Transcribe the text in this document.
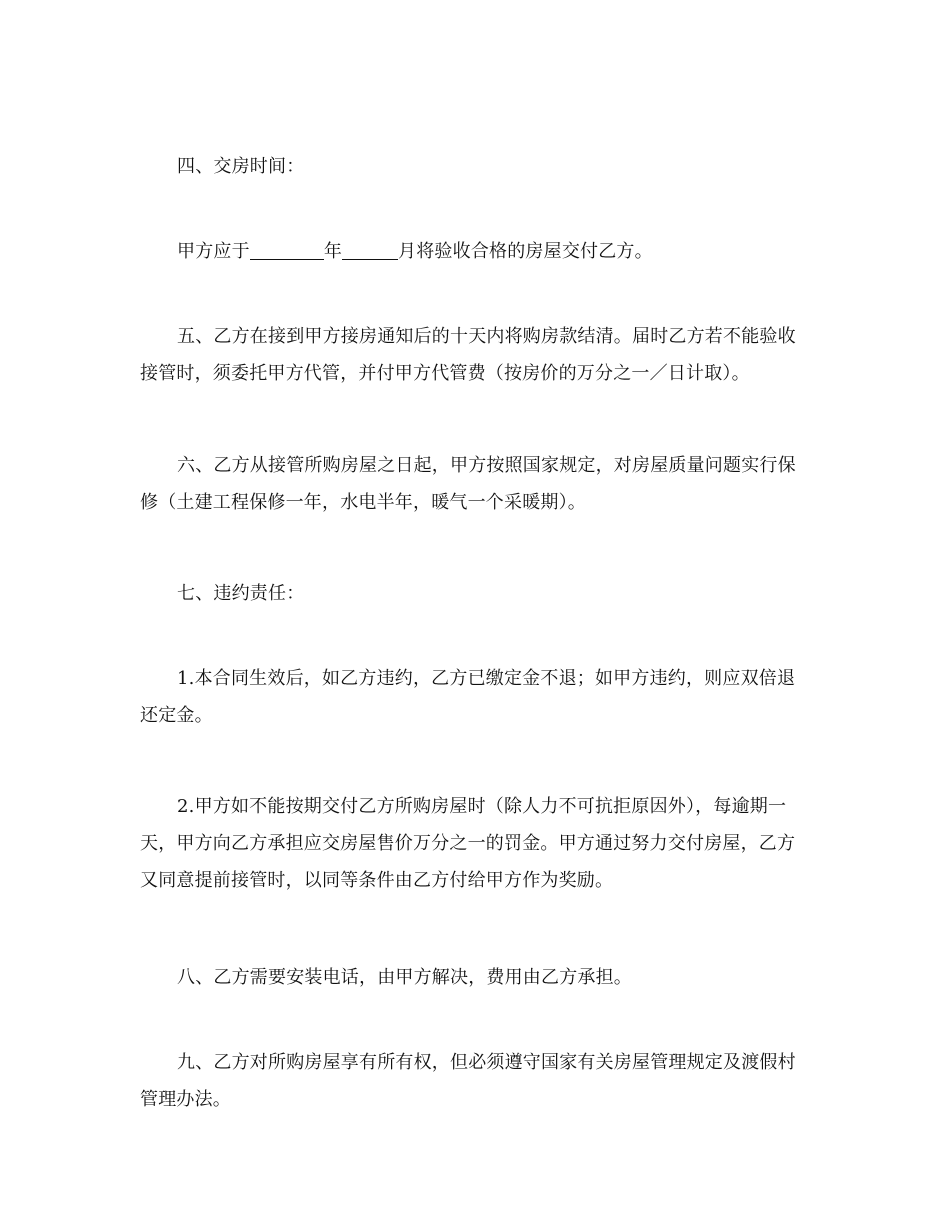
四、交房时间：

甲方应于	年	月将验收合格的房屋交付乙方。

五、乙方在接到甲方接房通知后的十天内将购房款结清。届时乙方若不能验收
接管时，须委托甲方代管，并付甲方代管费（按房价的万分之一／日计取）。

六、乙方从接管所购房屋之日起，甲方按照国家规定，对房屋质量问题实行保
修（土建工程保修一年，水电半年，暖气一个采暖期）。

七、违约责任：

1.本合同生效后，如乙方违约，乙方已缴定金不退；如甲方违约，则应双倍退
还定金。

2.甲方如不能按期交付乙方所购房屋时（除人力不可抗拒原因外），每逾期一
天，甲方向乙方承担应交房屋售价万分之一的罚金。甲方通过努力交付房屋，乙方
又同意提前接管时，以同等条件由乙方付给甲方作为奖励。

八、乙方需要安装电话，由甲方解决，费用由乙方承担。

九、乙方对所购房屋享有所有权，但必须遵守国家有关房屋管理规定及渡假村
管理办法。
